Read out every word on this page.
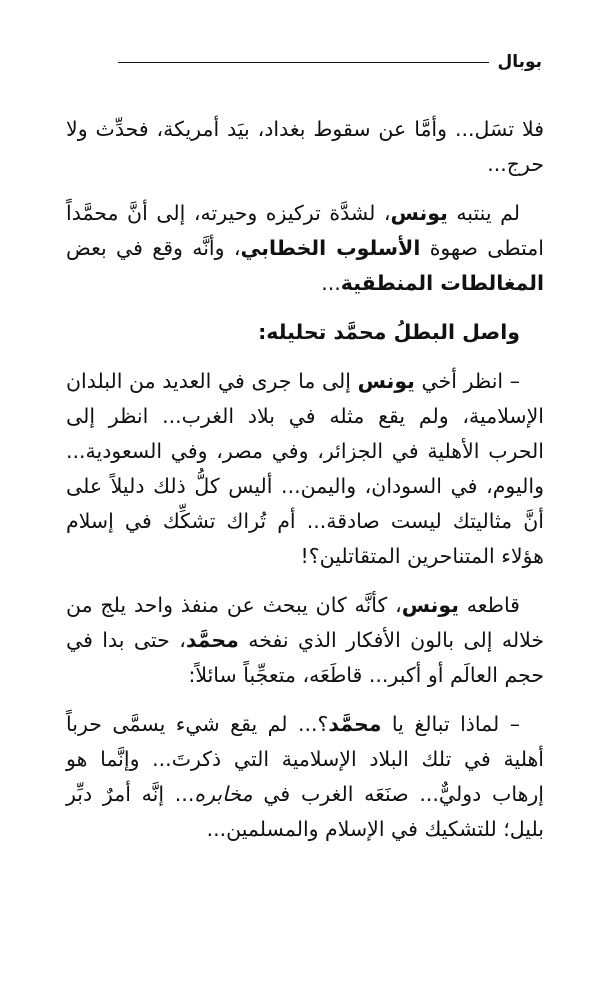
بوبال

فلا تسَل... وأمَّا عن سقوط بغداد، بيَد أمريكة، فحدِّث ولا حرج...

لم ينتبه يونس، لشدَّة تركيزه وحيرته، إلى أنَّ محمَّداً امتطى صهوة الأسلوب الخطابي، وأنَّه وقع في بعض المغالطات المنطقية...

واصل البطلُ محمَّد تحليله:

– انظر أخي يونس إلى ما جرى في العديد من البلدان الإسلامية، ولم يقع مثله في بلاد الغرب... انظر إلى الحرب الأهلية في الجزائر، وفي مصر، وفي السعودية... واليوم، في السودان، واليمن... أليس كلُّ ذلك دليلاً على أنَّ مثاليتك ليست صادقة... أم تُراك تشكِّك في إسلام هؤلاء المتناحرين المتقاتلين؟!

قاطعه يونس، كأنَّه كان يبحث عن منفذ واحد يلج من خلاله إلى بالون الأفكار الذي نفخه محمَّد، حتى بدا في حجم العالَم أو أكبر... قاطَعَه، متعجِّباً سائلاً:

– لماذا تبالغ يا محمَّد؟... لم يقع شيء يسمَّى حرباً أهلية في تلك البلاد الإسلامية التي ذكرتَ... وإنَّما هو إرهاب دوليٌّ... صنَعَه الغرب في مخابره... إنَّه أمرٌ دبِّر بليل؛ للتشكيك في الإسلام والمسلمين...
